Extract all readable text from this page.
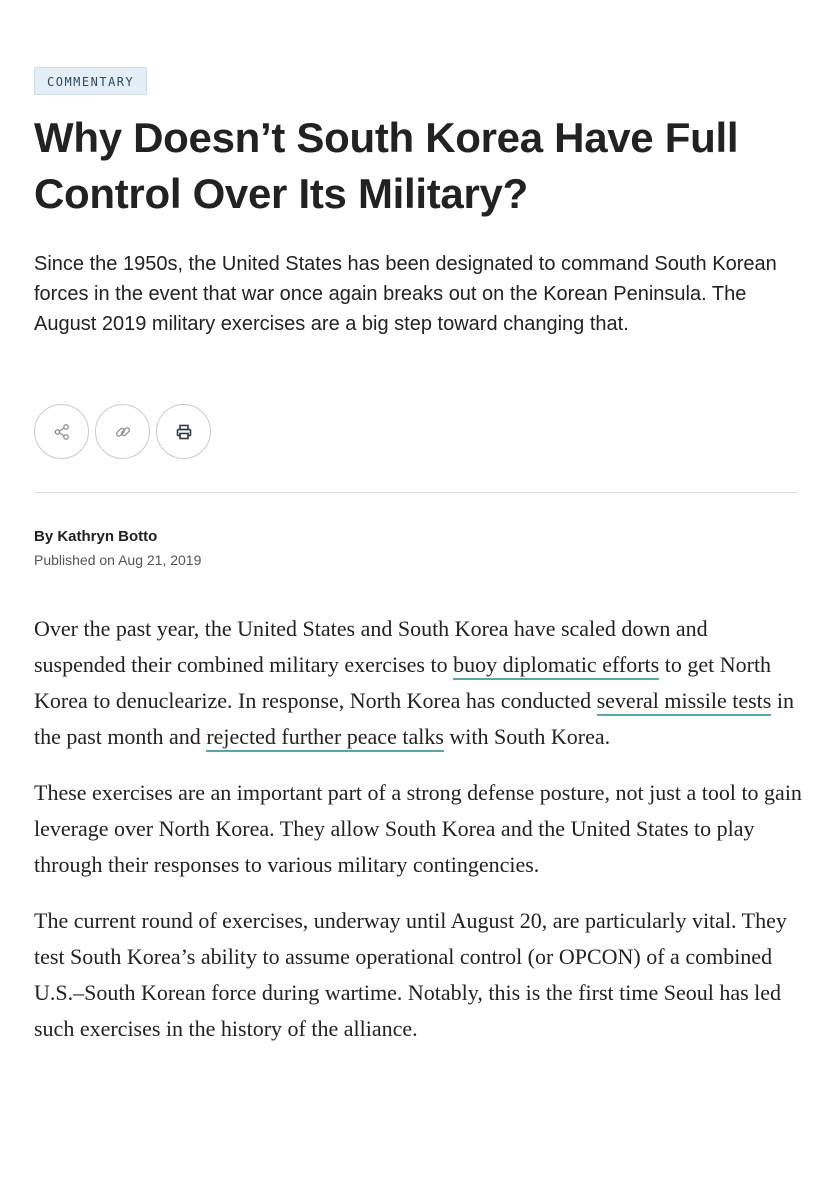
COMMENTARY
Why Doesn’t South Korea Have Full Control Over Its Military?

Since the 1950s, the United States has been designated to command South Korean forces in the event that war once again breaks out on the Korean Peninsula. The August 2019 military exercises are a big step toward changing that.

By Kathryn Botto
Published on Aug 21, 2019

Over the past year, the United States and South Korea have scaled down and suspended their combined military exercises to buoy diplomatic efforts to get North Korea to denuclearize. In response, North Korea has conducted several missile tests in the past month and rejected further peace talks with South Korea.

These exercises are an important part of a strong defense posture, not just a tool to gain leverage over North Korea. They allow South Korea and the United States to play through their responses to various military contingencies.

The current round of exercises, underway until August 20, are particularly vital. They test South Korea’s ability to assume operational control (or OPCON) of a combined U.S.–South Korean force during wartime. Notably, this is the first time Seoul has led such exercises in the history of the alliance.
